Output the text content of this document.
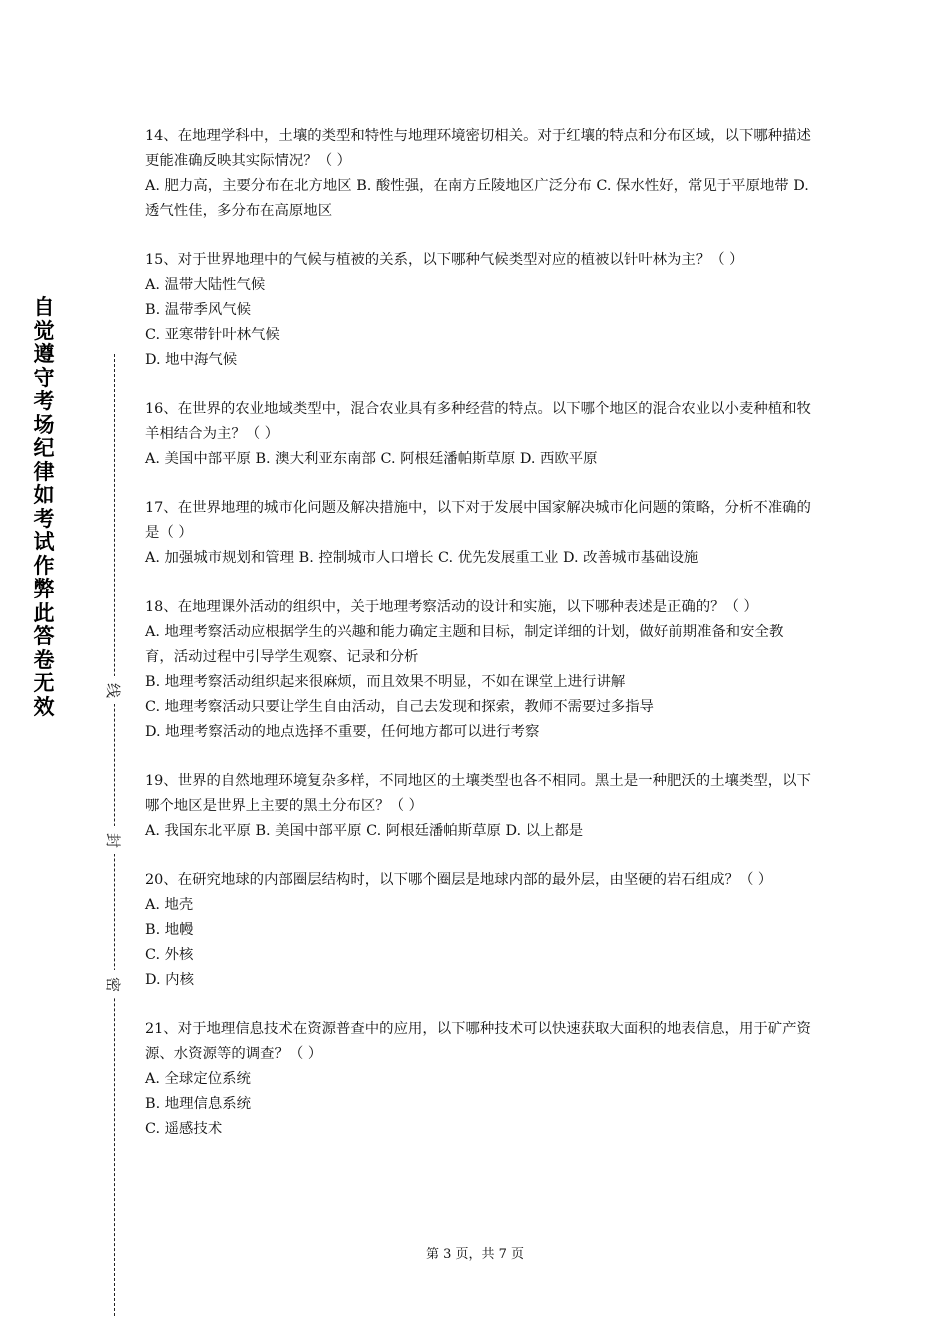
自觉遵守考场纪律如考试作弊此答卷无效
线
封
密

14、在地理学科中，土壤的类型和特性与地理环境密切相关。对于红壤的特点和分布区域，以下哪种描述更能准确反映其实际情况？（ ）

A. 肥力高，主要分布在北方地区 B. 酸性强，在南方丘陵地区广泛分布 C. 保水性好，常见于平原地带 D. 透气性佳，多分布在高原地区

15、对于世界地理中的气候与植被的关系，以下哪种气候类型对应的植被以针叶林为主？（ ）

A. 温带大陆性气候

B. 温带季风气候

C. 亚寒带针叶林气候

D. 地中海气候

16、在世界的农业地域类型中，混合农业具有多种经营的特点。以下哪个地区的混合农业以小麦种植和牧羊相结合为主？（ ）

A. 美国中部平原 B. 澳大利亚东南部 C. 阿根廷潘帕斯草原 D. 西欧平原

17、在世界地理的城市化问题及解决措施中，以下对于发展中国家解决城市化问题的策略，分析不准确的是（ ）

A. 加强城市规划和管理 B. 控制城市人口增长 C. 优先发展重工业 D. 改善城市基础设施

18、在地理课外活动的组织中，关于地理考察活动的设计和实施，以下哪种表述是正确的？（ ）

A. 地理考察活动应根据学生的兴趣和能力确定主题和目标，制定详细的计划，做好前期准备和安全教育，活动过程中引导学生观察、记录和分析

B. 地理考察活动组织起来很麻烦，而且效果不明显，不如在课堂上进行讲解

C. 地理考察活动只要让学生自由活动，自己去发现和探索，教师不需要过多指导

D. 地理考察活动的地点选择不重要，任何地方都可以进行考察

19、世界的自然地理环境复杂多样，不同地区的土壤类型也各不相同。黑土是一种肥沃的土壤类型，以下哪个地区是世界上主要的黑土分布区？（ ）

A. 我国东北平原 B. 美国中部平原 C. 阿根廷潘帕斯草原 D. 以上都是

20、在研究地球的内部圈层结构时，以下哪个圈层是地球内部的最外层，由坚硬的岩石组成？（ ）

A. 地壳

B. 地幔

C. 外核

D. 内核

21、对于地理信息技术在资源普查中的应用，以下哪种技术可以快速获取大面积的地表信息，用于矿产资源、水资源等的调查？（ ）

A. 全球定位系统

B. 地理信息系统

C. 遥感技术

第 3 页，共 7 页
